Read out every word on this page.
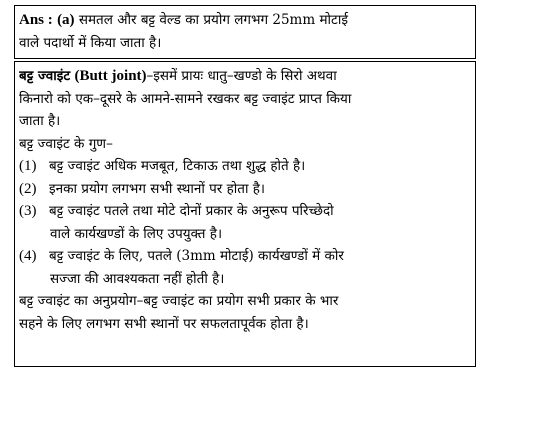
Ans : (a) समतल और बट्ट वेल्ड का प्रयोग लगभग 25mm मोटाई
वाले पदार्थो में किया जाता है।
बट्ट ज्वाइंट (Butt joint)–इसमें प्रायः धातु–खण्डो के सिरो अथवा
किनारो को एक–दूसरे के आमने-सामने रखकर बट्ट ज्वाइंट प्राप्त किया
जाता है।
बट्ट ज्वाइंट के गुण–
(1) बट्ट ज्वाइंट अधिक मजबूत, टिकाऊ तथा शुद्ध होते है।
(2) इनका प्रयोग लगभग सभी स्थानों पर होता है।
(3) बट्ट ज्वाइंट पतले तथा मोटे दोनों प्रकार के अनुरूप परिच्छेदो
वाले कार्यखण्डों के लिए उपयुक्त है।
(4) बट्ट ज्वाइंट के लिए, पतले (3mm मोटाई) कार्यखण्डों में कोर
सज्जा की आवश्यकता नहीं होती है।
बट्ट ज्वाइंट का अनुप्रयोग–बट्ट ज्वाइंट का प्रयोग सभी प्रकार के भार
सहने के लिए लगभग सभी स्थानों पर सफलतापूर्वक होता है।
